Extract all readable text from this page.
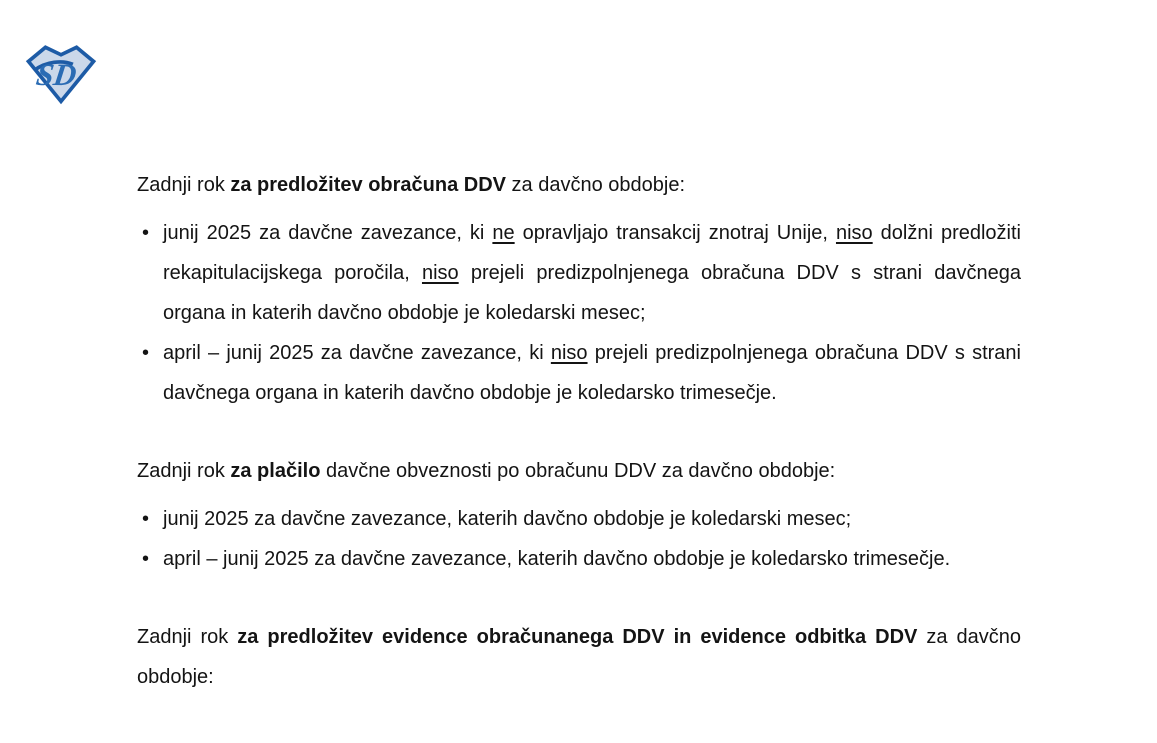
SD

Zadnji rok za predložitev obračuna DDV za davčno obdobje:

• junij 2025 za davčne zavezance, ki ne opravljajo transakcij znotraj Unije, niso dolžni predložiti rekapitulacijskega poročila, niso prejeli predizpolnjenega obračuna DDV s strani davčnega organa in katerih davčno obdobje je koledarski mesec;
• april – junij 2025 za davčne zavezance, ki niso prejeli predizpolnjenega obračuna DDV s strani davčnega organa in katerih davčno obdobje je koledarsko trimesečje.

Zadnji rok za plačilo davčne obveznosti po obračunu DDV za davčno obdobje:

• junij 2025 za davčne zavezance, katerih davčno obdobje je koledarski mesec;
• april – junij 2025 za davčne zavezance, katerih davčno obdobje je koledarsko trimesečje.

Zadnji rok za predložitev evidence obračunanega DDV in evidence odbitka DDV za davčno obdobje:
